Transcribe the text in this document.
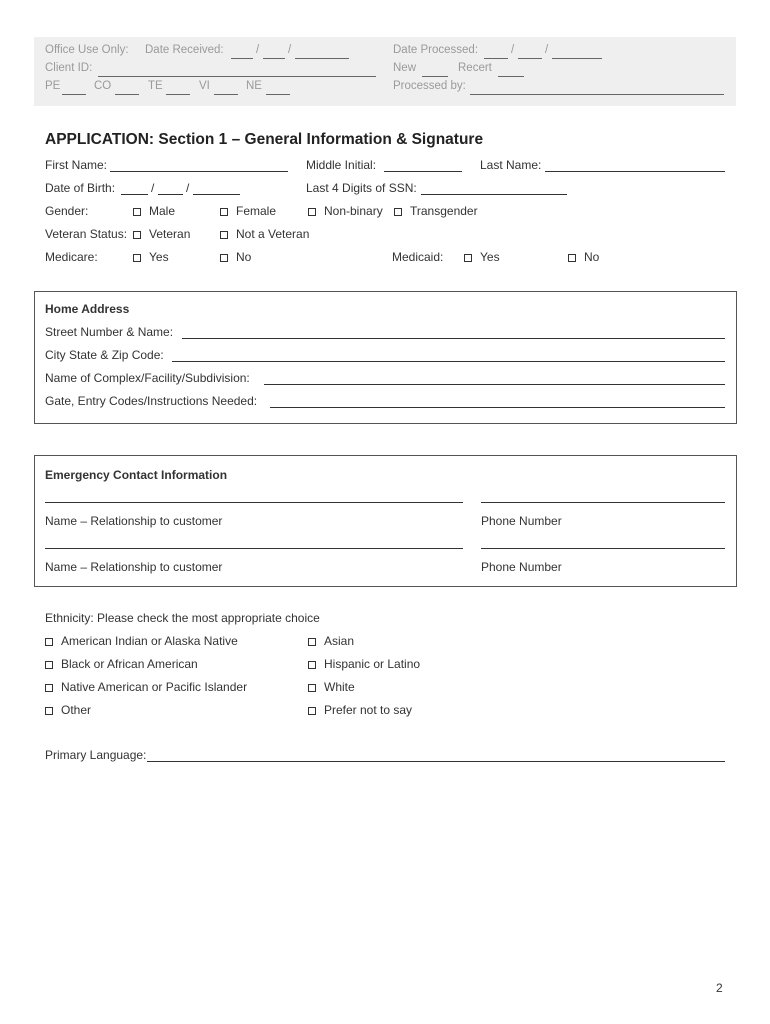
Office Use Only: Date Received:	/	/	Date Processed:	/	/
Client ID:	New	Recert
PE	CO	TE	VI	NE	Processed by:
APPLICATION: Section 1 – General Information & Signature
First Name:	Middle Initial:	Last Name:
Date of Birth:	/	/	Last 4 Digits of SSN:
Gender:	Male	Female	Non-binary	Transgender
Veteran Status:	Veteran	Not a Veteran
Medicare:	Yes	No	Medicaid:	Yes	No
Home Address
Street Number & Name:
City State & Zip Code:
Name of Complex/Facility/Subdivision:
Gate, Entry Codes/Instructions Needed:
Emergency Contact Information
Name – Relationship to customer	Phone Number
Name – Relationship to customer	Phone Number
Ethnicity: Please check the most appropriate choice
American Indian or Alaska Native	Asian
Black or African American	Hispanic or Latino
Native American or Pacific Islander	White
Other	Prefer not to say
Primary Language:
2
